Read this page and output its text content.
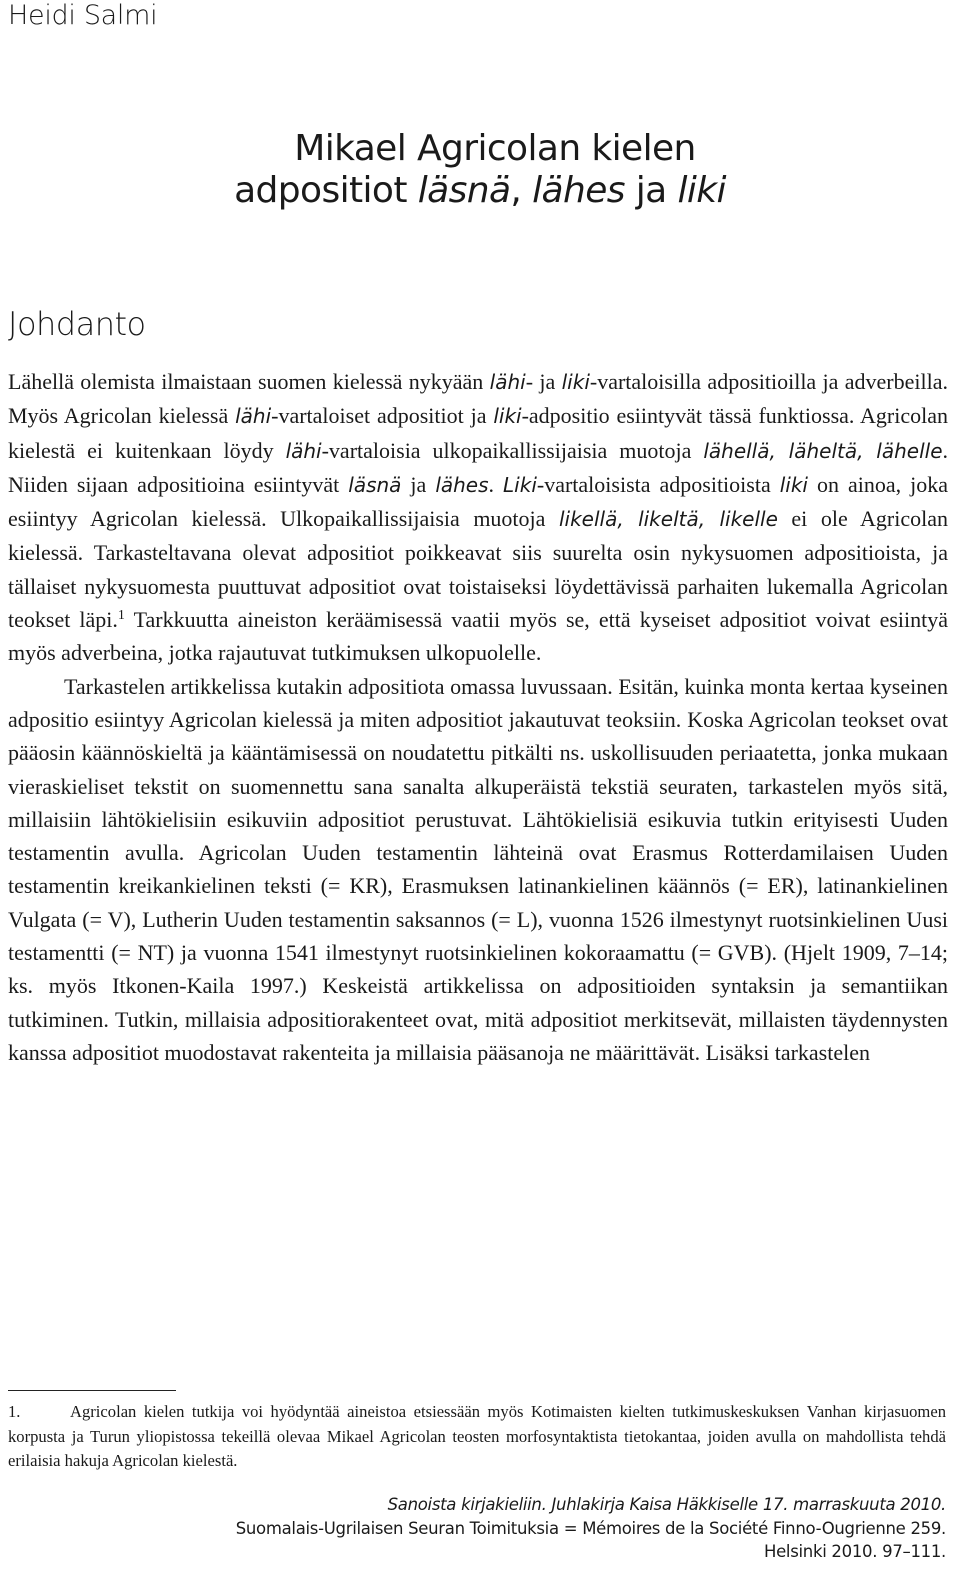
Heidi Salmi
Mikael Agricolan kielen
adpositiot läsnä, lähes ja liki
Johdanto

Lähellä olemista ilmaistaan suomen kielessä nykyään lähi- ja liki-vartaloisilla adpositioilla ja adverbeilla. Myös Agricolan kielessä lähi-vartaloiset adpositiot ja liki-adpositio esiintyvät tässä funktiossa. Agricolan kielestä ei kuitenkaan löydy lähi-vartaloisia ulkopaikallissijaisia muotoja lähellä, läheltä, lähelle. Niiden sijaan adpositioina esiintyvät läsnä ja lähes. Liki-vartaloisista adpositioista liki on ainoa, joka esiintyy Agricolan kielessä. Ulkopaikallissijaisia muotoja likellä, likeltä, likelle ei ole Agricolan kielessä. Tarkasteltavana olevat adpositiot poikkeavat siis suurelta osin nykysuomen adpositioista, ja tällaiset nykysuomesta puuttuvat adpositiot ovat toistaiseksi löydettävissä parhaiten lukemalla Agricolan teokset läpi.$^1$ Tarkkuutta aineiston keräämisessä vaatii myös se, että kyseiset adpositiot voivat esiintyä myös adverbeina, jotka rajautuvat tutkimuksen ulkopuolelle.

Tarkastelen artikkelissa kutakin adpositiota omassa luvussaan. Esitän, kuinka monta kertaa kyseinen adpositio esiintyy Agricolan kielessä ja miten adpositiot jakautuvat teoksiin. Koska Agricolan teokset ovat pääosin käännöskieltä ja kääntämisessä on noudatettu pitkälti ns. uskollisuuden periaatetta, jonka mukaan vieraskieliset tekstit on suomennettu sana sanalta alkuperäistä tekstiä seuraten, tarkastelen myös sitä, millaisiin lähtökielisiin esikuviin adpositiot perustuvat. Lähtökielisiä esikuvia tutkin erityisesti Uuden testamentin avulla. Agricolan Uuden testamentin lähteinä ovat Erasmus Rotterdamilaisen Uuden testamentin kreikankielinen teksti (= KR), Erasmuksen latinankielinen käännös (= ER), latinankielinen Vulgata (= V), Lutherin Uuden testamentin saksannos (= L), vuonna 1526 ilmestynyt ruotsinkielinen Uusi testamentti (= NT) ja vuonna 1541 ilmestynyt ruotsinkielinen kokoraamattu (= GVB). (Hjelt 1909, 7–14; ks. myös Itkonen-Kaila 1997.) Keskeistä artikkelissa on adpositioiden syntaksin ja semantiikan tutkiminen. Tutkin, millaisia adpositiorakenteet ovat, mitä adpositiot merkitsevät, millaisten täydennysten kanssa adpositiot muodostavat rakenteita ja millaisia pääsanoja ne määrittävät. Lisäksi tarkastelen

1.	Agricolan kielen tutkija voi hyödyntää aineistoa etsiessään myös Kotimaisten kielten tutkimuskeskuksen Vanhan kirjasuomen korpusta ja Turun yliopistossa tekeillä olevaa Mikael Agricolan teosten morfosyntaktista tietokantaa, joiden avulla on mahdollista tehdä erilaisia hakuja Agricolan kielestä.
Sanoista kirjakieliin. Juhlakirja Kaisa Häkkiselle 17. marraskuuta 2010.
Suomalais-Ugrilaisen Seuran Toimituksia = Mémoires de la Société Finno-Ougrienne 259.
Helsinki 2010. 97–111.
